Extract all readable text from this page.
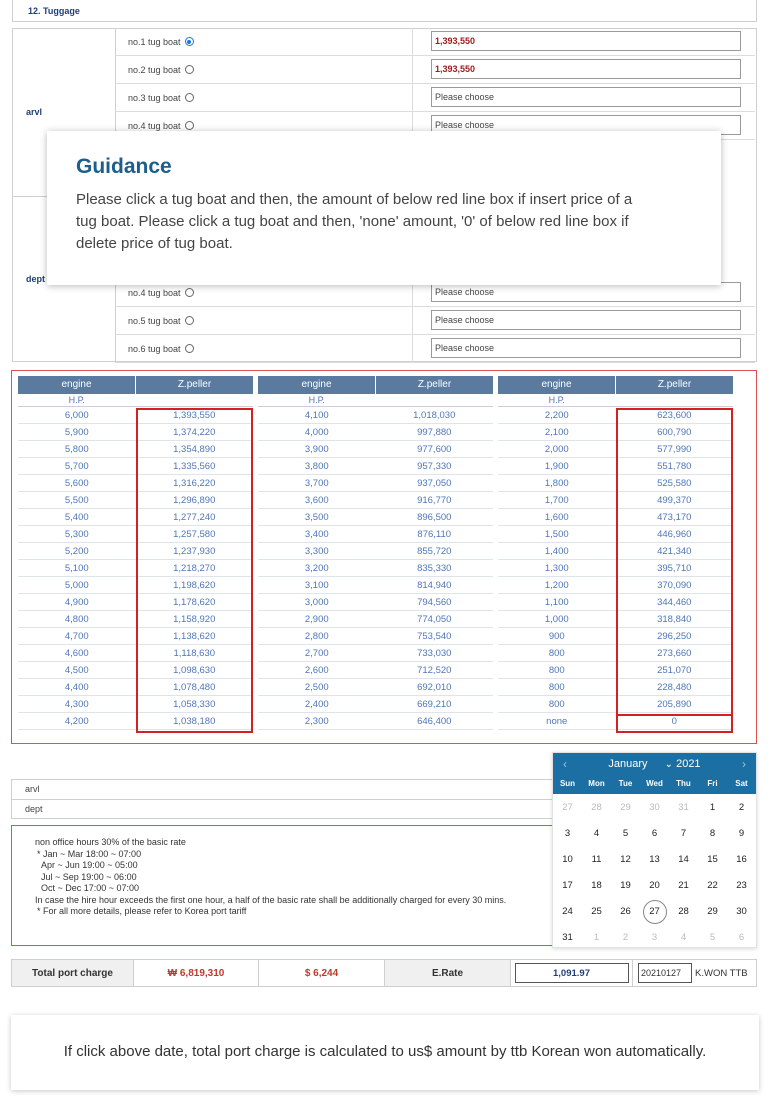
12. Tuggage
arvl
dept
no.1 tug boat	1,393,550
no.2 tug boat	1,393,550
no.3 tug boat	Please choose
no.4 tug boat	Please choose
no.4 tug boat	Please choose
no.5 tug boat	Please choose
no.6 tug boat	Please choose
Guidance

Please click a tug boat and then, the amount of below red line box if insert price of a tug boat. Please click a tug boat and then, 'none' amount, '0' of below red line box if delete price of tug boat.

engine	Z.peller
H.P.
6,000	1,393,550
5,900	1,374,220
5,800	1,354,890
5,700	1,335,560
5,600	1,316,220
5,500	1,296,890
5,400	1,277,240
5,300	1,257,580
5,200	1,237,930
5,100	1,218,270
5,000	1,198,620
4,900	1,178,620
4,800	1,158,920
4,700	1,138,620
4,600	1,118,630
4,500	1,098,630
4,400	1,078,480
4,300	1,058,330
4,200	1,038,180
engine	Z.peller
H.P.
4,100	1,018,030
4,000	997,880
3,900	977,600
3,800	957,330
3,700	937,050
3,600	916,770
3,500	896,500
3,400	876,110
3,300	855,720
3,200	835,330
3,100	814,940
3,000	794,560
2,900	774,050
2,800	753,540
2,700	733,030
2,600	712,520
2,500	692,010
2,400	669,210
2,300	646,400
engine	Z.peller
H.P.
2,200	623,600
2,100	600,790
2,000	577,990
1,900	551,780
1,800	525,580
1,700	499,370
1,600	473,170
1,500	446,960
1,400	421,340
1,300	395,710
1,200	370,090
1,100	344,460
1,000	318,840
900	296,250
800	273,660
800	251,070
800	228,480
800	205,890
none	0
arvl
dept
non office hours 30% of the basic rate
* Jan ~ Mar 18:00 ~ 07:00
Apr ~ Jun 19:00 ~ 05:00
Jul ~ Sep 19:00 ~ 06:00
Oct ~ Dec 17:00 ~ 07:00
In case the hire hour exceeds the first one hour, a half of the basic rate shall be additionally charged for every 30 mins.
* For all more details, please refer to Korea port tariff
‹	January ⌄ 2021	›
Sun	Mon	Tue	Wed	Thu	Fri	Sat
27	28	29	30	31	1	2
3	4	5	6	7	8	9
10	11	12	13	14	15	16
17	18	19	20	21	22	23
24	25	26	27	28	29	30
31	1	2	3	4	5	6
Total port charge	₩ 6,819,310	$ 6,244	E.Rate	1,091.97	20210127	K.WON TTB
If click above date, total port charge is calculated to us$ amount by ttb Korean won automatically.
